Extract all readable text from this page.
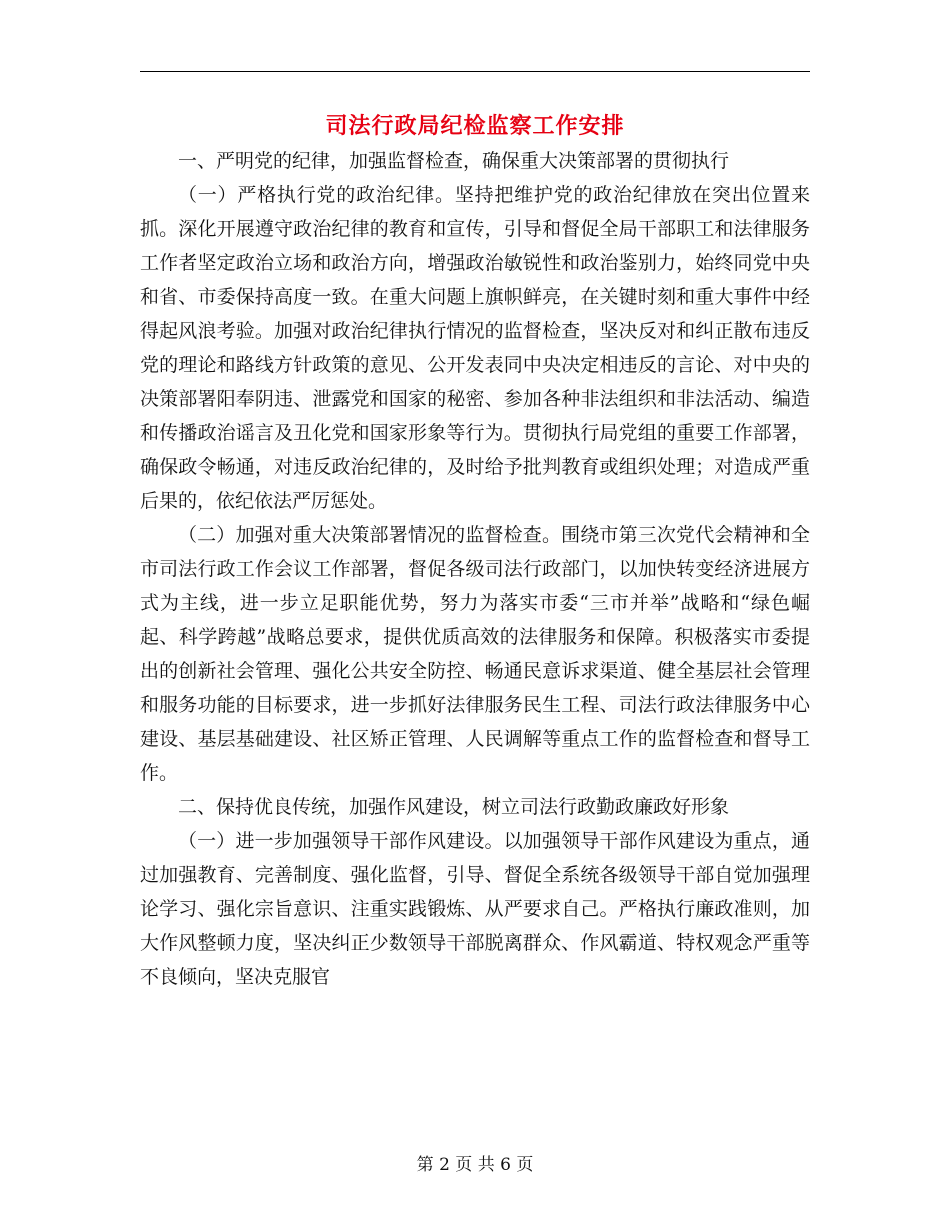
司法行政局纪检监察工作安排

一、严明党的纪律，加强监督检查，确保重大决策部署的贯彻执行

（一）严格执行党的政治纪律。坚持把维护党的政治纪律放在突出位置来抓。深化开展遵守政治纪律的教育和宣传，引导和督促全局干部职工和法律服务工作者坚定政治立场和政治方向，增强政治敏锐性和政治鉴别力，始终同党中央和省、市委保持高度一致。在重大问题上旗帜鲜亮，在关键时刻和重大事件中经得起风浪考验。加强对政治纪律执行情况的监督检查，坚决反对和纠正散布违反党的理论和路线方针政策的意见、公开发表同中央决定相违反的言论、对中央的决策部署阳奉阴违、泄露党和国家的秘密、参加各种非法组织和非法活动、编造和传播政治谣言及丑化党和国家形象等行为。贯彻执行局党组的重要工作部署，确保政令畅通，对违反政治纪律的，及时给予批判教育或组织处理；对造成严重后果的，依纪依法严厉惩处。

（二）加强对重大决策部署情况的监督检查。围绕市第三次党代会精神和全市司法行政工作会议工作部署，督促各级司法行政部门，以加快转变经济进展方式为主线，进一步立足职能优势，努力为落实市委“三市并举”战略和“绿色崛起、科学跨越”战略总要求，提供优质高效的法律服务和保障。积极落实市委提出的创新社会管理、强化公共安全防控、畅通民意诉求渠道、健全基层社会管理和服务功能的目标要求，进一步抓好法律服务民生工程、司法行政法律服务中心建设、基层基础建设、社区矫正管理、人民调解等重点工作的监督检查和督导工作。

二、保持优良传统，加强作风建设，树立司法行政勤政廉政好形象

（一）进一步加强领导干部作风建设。以加强领导干部作风建设为重点，通过加强教育、完善制度、强化监督，引导、督促全系统各级领导干部自觉加强理论学习、强化宗旨意识、注重实践锻炼、从严要求自己。严格执行廉政准则，加大作风整顿力度，坚决纠正少数领导干部脱离群众、作风霸道、特权观念严重等不良倾向，坚决克服官

第 2 页 共 6 页
